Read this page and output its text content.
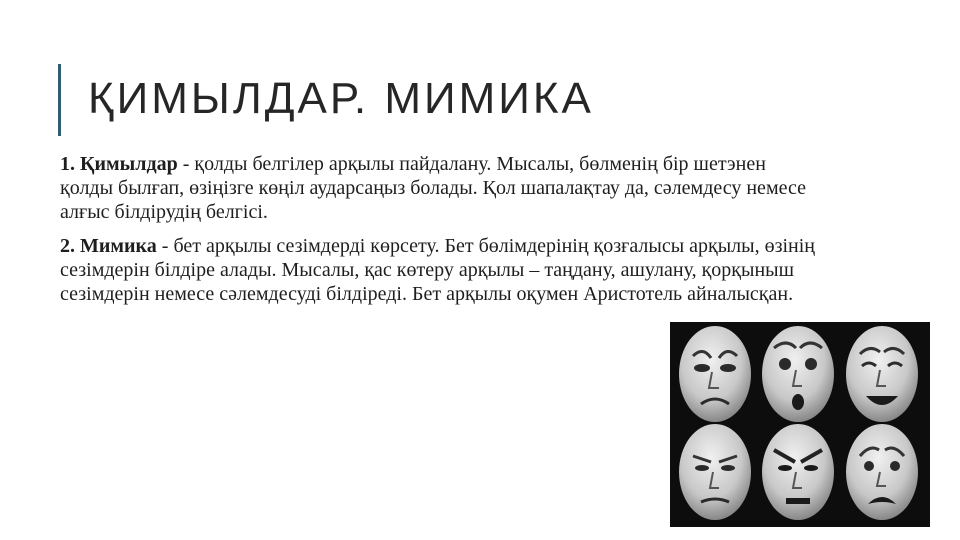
ҚИМЫЛДАР. МИМИКА

1. Қимылдар - қолды белгілер арқылы пайдалану. Мысалы, бөлменің бір шетэнен қолды былғап, өзіңізге көңіл аударсаңыз болады. Қол шапалақтау да, сәлемдесу немесе алғыс білдірудің белгісі.

2. Мимика - бет арқылы сезімдерді көрсету. Бет бөлімдерінің қозғалысы арқылы, өзінің сезімдерін білдіре алады. Мысалы, қас көтеру арқылы – таңдану, ашулану, қорқыныш сезімдерін немесе сәлемдесуді білдіреді. Бет арқылы оқумен Аристотель айналысқан.
